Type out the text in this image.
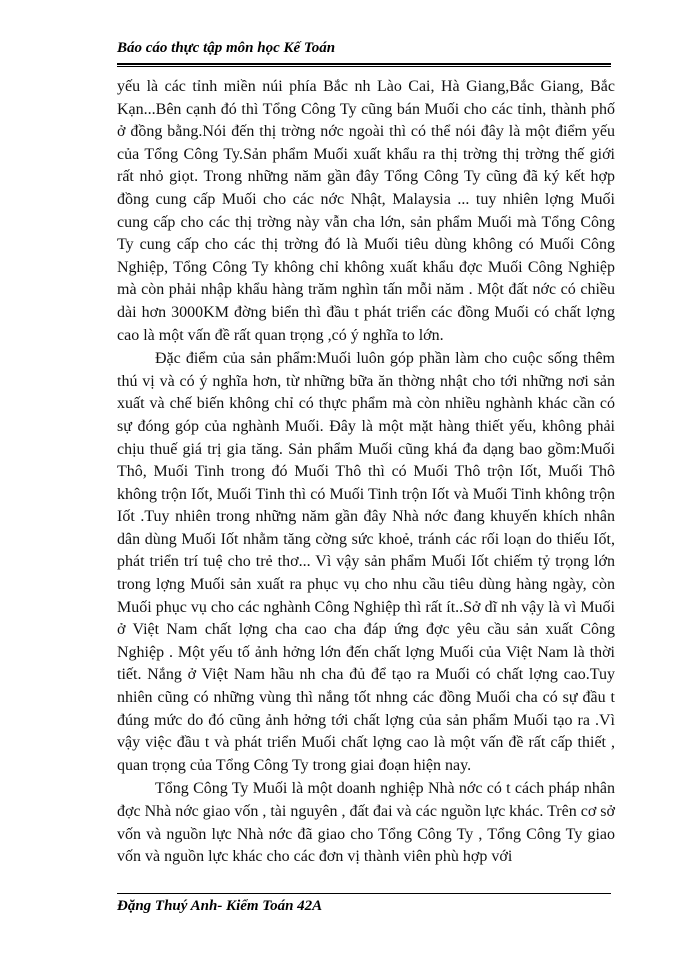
Báo cáo thực tập môn học Kế Toán

yếu là các tỉnh miền núi phía Bắc nh Lào Cai, Hà Giang,Bắc Giang, Bắc Kạn...Bên cạnh đó thì Tổng Công Ty cũng bán Muối cho các tỉnh, thành phố ở đồng bằng.Nói đến thị trờng nớc ngoài thì có thể nói đây là một điểm yếu của Tổng Công Ty.Sản phẩm Muối xuất khẩu ra thị trờng thị trờng thế giới rất nhỏ giọt. Trong những năm gần đây Tổng Công Ty cũng đã ký kết hợp đồng cung cấp Muối cho các nớc Nhật, Malaysia ... tuy nhiên lợng Muối cung cấp cho các thị trờng này vẫn cha lớn, sản phẩm Muối mà Tổng Công Ty cung cấp cho các thị trờng đó là Muối tiêu dùng không có Muối Công Nghiệp, Tổng Công Ty không chỉ không xuất khẩu đợc Muối Công Nghiệp mà còn phải nhập khẩu hàng trăm nghìn tấn mỗi năm . Một đất nớc có chiều dài hơn 3000KM đờng biển thì đầu t phát triển các đồng Muối có chất lợng cao là một vấn đề rất quan trọng ,có ý nghĩa to lớn.

Đặc điểm của sản phẩm:Muối luôn góp phần làm cho cuộc sống thêm thú vị và có ý nghĩa hơn, từ những bữa ăn thờng nhật cho tới những nơi sản xuất và chế biến không chỉ có thực phẩm mà còn nhiều nghành khác cần có sự đóng góp của nghành Muối. Đây là một mặt hàng thiết yếu, không phải chịu thuế giá trị gia tăng. Sản phẩm Muối cũng khá đa dạng bao gồm:Muối Thô, Muối Tinh trong đó Muối Thô thì có Muối Thô trộn Iốt, Muối Thô không trộn Iốt, Muối Tinh thì có Muối Tinh trộn Iốt và Muối Tinh không trộn Iốt .Tuy nhiên trong những năm gần đây Nhà nớc đang khuyến khích nhân dân dùng Muối Iốt nhằm tăng cờng sức khoẻ, tránh các rối loạn do thiếu Iốt, phát triển trí tuệ cho trẻ thơ... Vì vậy sản phẩm Muối Iốt chiếm tỷ trọng lớn trong lợng Muối sản xuất ra phục vụ cho nhu cầu tiêu dùng hàng ngày, còn Muối phục vụ cho các nghành Công Nghiệp thì rất ít..Sở dĩ nh vậy là vì Muối ở Việt Nam chất lợng cha cao cha đáp ứng đợc yêu cầu sản xuất Công Nghiệp . Một yếu tố ảnh hởng lớn đến chất lợng Muối của Việt Nam là thời tiết. Nắng ở Việt Nam hầu nh cha đủ để tạo ra Muối có chất lợng cao.Tuy nhiên cũng có những vùng thì nắng tốt nhng các đồng Muối cha có sự đầu t đúng mức do đó cũng ảnh hởng tới chất lợng của sản phẩm Muối tạo ra .Vì vậy việc đầu t và phát triển Muối chất lợng cao là một vấn đề rất cấp thiết , quan trọng của Tổng Công Ty trong giai đoạn hiện nay.

Tổng Công Ty Muối là một doanh nghiệp Nhà nớc có t cách pháp nhân đợc Nhà nớc giao vốn , tài nguyên , đất đai và các nguồn lực khác. Trên cơ sở vốn và nguồn lực Nhà nớc đã giao cho Tổng Công Ty , Tổng Công Ty giao vốn và nguồn lực khác cho các đơn vị thành viên phù hợp với

Đặng Thuý Anh- Kiểm Toán 42A
